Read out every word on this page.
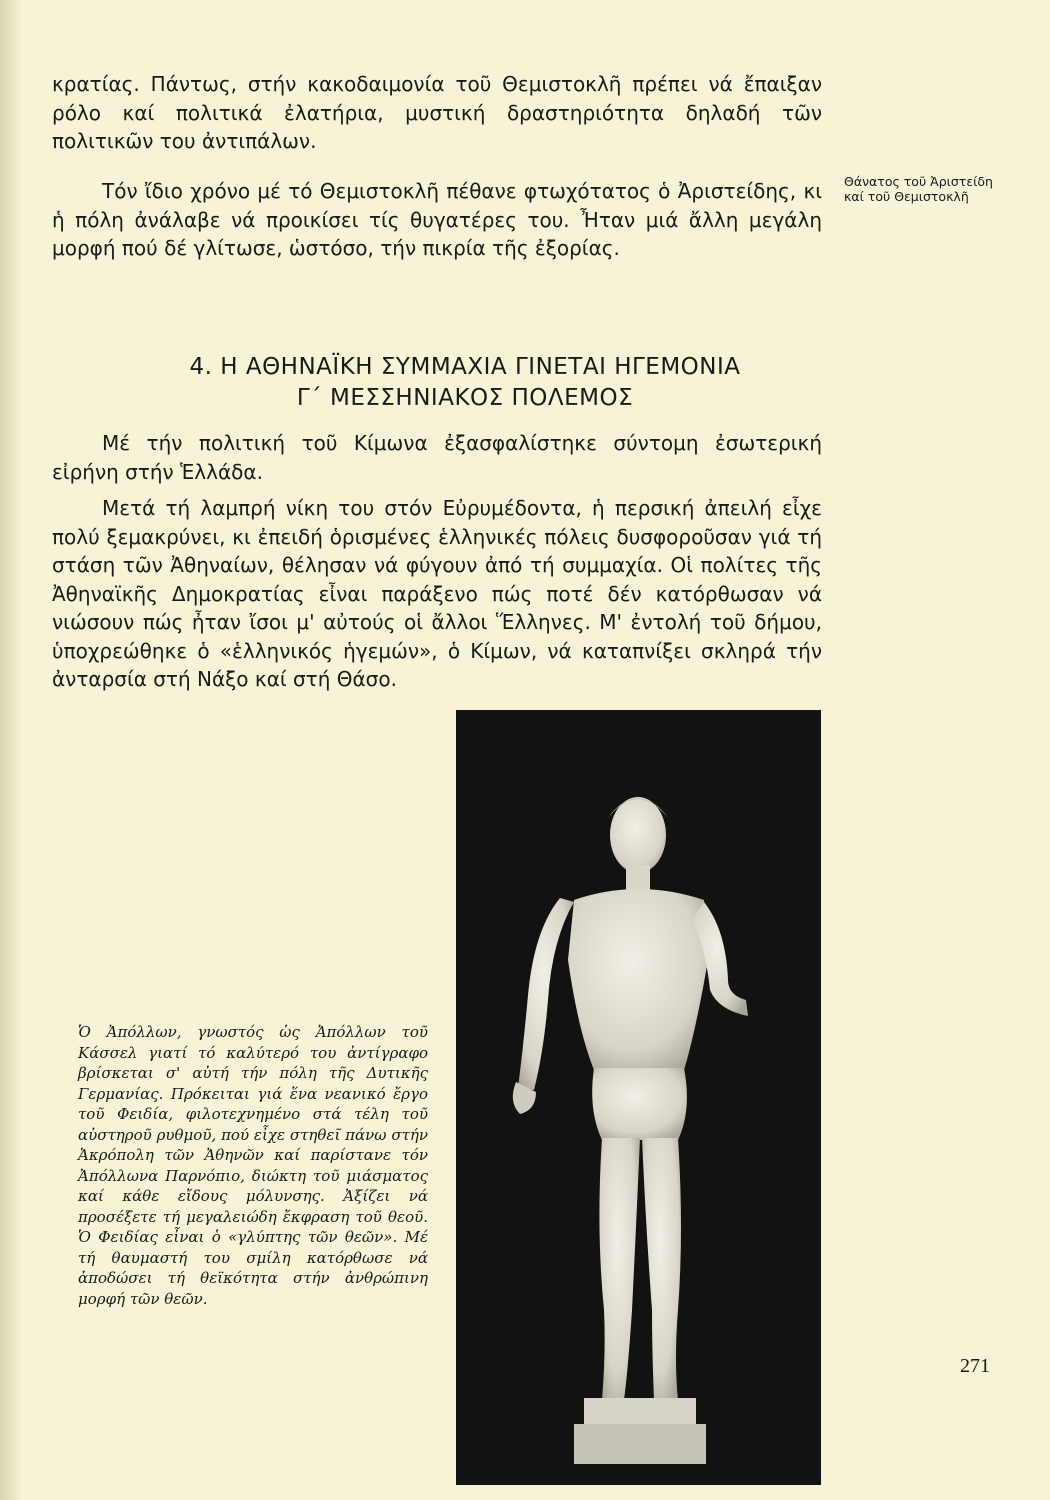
κρατίας. Πάντως, στήν κακοδαιμονία τοῦ Θεμιστοκλῆ πρέπει νά ἔπαιξαν ρόλο καί πολιτικά ἐλατήρια, μυστική δραστηριότητα δηλαδή τῶν πολιτικῶν του ἀντιπάλων.

Τόν ἴδιο χρόνο μέ τό Θεμιστοκλῆ πέθανε φτωχότατος ὁ Ἀριστείδης, κι ἡ πόλη ἀνάλαβε νά προικίσει τίς θυγατέρες του. Ἦταν μιά ἄλλη μεγάλη μορφή πού δέ γλίτωσε, ὡστόσο, τήν πικρία τῆς ἐξορίας.

Θάνατος τοῦ Ἀριστείδη καί τοῦ Θεμιστοκλῆ

4. Η ΑΘΗΝΑΪΚΗ ΣΥΜΜΑΧΙΑ ΓΙΝΕΤΑΙ ΗΓΕΜΟΝΙΑ
Γ΄ ΜΕΣΣΗΝΙΑΚΟΣ ΠΟΛΕΜΟΣ

Μέ τήν πολιτική τοῦ Κίμωνα ἐξασφαλίστηκε σύντομη ἐσωτερική εἰρήνη στήν Ἑλλάδα.

Μετά τή λαμπρή νίκη του στόν Εὐρυμέδοντα, ἡ περσική ἀπειλή εἶχε πολύ ξεμακρύνει, κι ἐπειδή ὁρισμένες ἑλληνικές πόλεις δυσφοροῦσαν γιά τή στάση τῶν Ἀθηναίων, θέλησαν νά φύγουν ἀπό τή συμμαχία. Οἱ πολίτες τῆς Ἀθηναϊκῆς Δημοκρατίας εἶναι παράξενο πώς ποτέ δέν κατόρθωσαν νά νιώσουν πώς ἦταν ἴσοι μ' αὐτούς οἱ ἄλλοι Ἕλληνες. Μ' ἐντολή τοῦ δήμου, ὑποχρεώθηκε ὁ «ἑλληνικός ἡγεμών», ὁ Κίμων, νά καταπνίξει σκληρά τήν ἀνταρσία στή Νάξο καί στή Θάσο.

Ὁ Ἀπόλλων, γνωστός ὡς Ἀπόλλων τοῦ Κάσσελ γιατί τό καλύτερό του ἀντίγραφο βρίσκεται σ' αὐτή τήν πόλη τῆς Δυτικῆς Γερμανίας. Πρόκειται γιά ἕνα νεανικό ἔργο τοῦ Φειδία, φιλοτεχνημένο στά τέλη τοῦ αὐστηροῦ ρυθμοῦ, πού εἶχε στηθεῖ πάνω στήν Ἀκρόπολη τῶν Ἀθηνῶν καί παρίστανε τόν Ἀπόλλωνα Παρνόπιο, διώκτη τοῦ μιάσματος καί κάθε εἴδους μόλυνσης. Ἀξίζει νά προσέξετε τή μεγαλειώδη ἔκφραση τοῦ θεοῦ. Ὁ Φειδίας εἶναι ὁ «γλύπτης τῶν θεῶν». Μέ τή θαυμαστή του σμίλη κατόρθωσε νά ἀποδώσει τή θεϊκότητα στήν ἀνθρώπινη μορφή τῶν θεῶν.

271
